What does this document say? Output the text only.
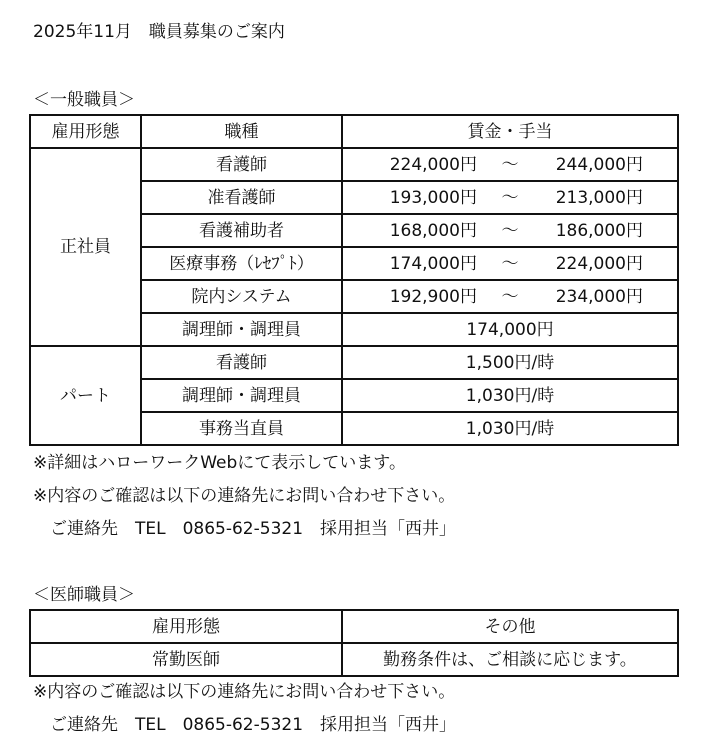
2025年11月　職員募集のご案内
＜一般職員＞
雇用形態	職種	賃金・手当
正社員	看護師	224,000円 ～ 244,000円

	准看護師	193,000円 ～ 213,000円

	看護補助者	168,000円 ～ 186,000円

	医療事務（ﾚｾﾌﾟﾄ）	174,000円 ～ 224,000円

	院内システム	192,900円 ～ 234,000円

	調理師・調理員	174,000円
パート	看護師	1,500円/時
	調理師・調理員	1,030円/時
	事務当直員	1,030円/時
※詳細はハローワークWebにて表示しています。
※内容のご確認は以下の連絡先にお問い合わせ下さい。
　ご連絡先　TEL　0865-62-5321　採用担当「西井」
＜医師職員＞
雇用形態	その他
常勤医師	勤務条件は、ご相談に応じます。
※内容のご確認は以下の連絡先にお問い合わせ下さい。
　ご連絡先　TEL　0865-62-5321　採用担当「西井」
